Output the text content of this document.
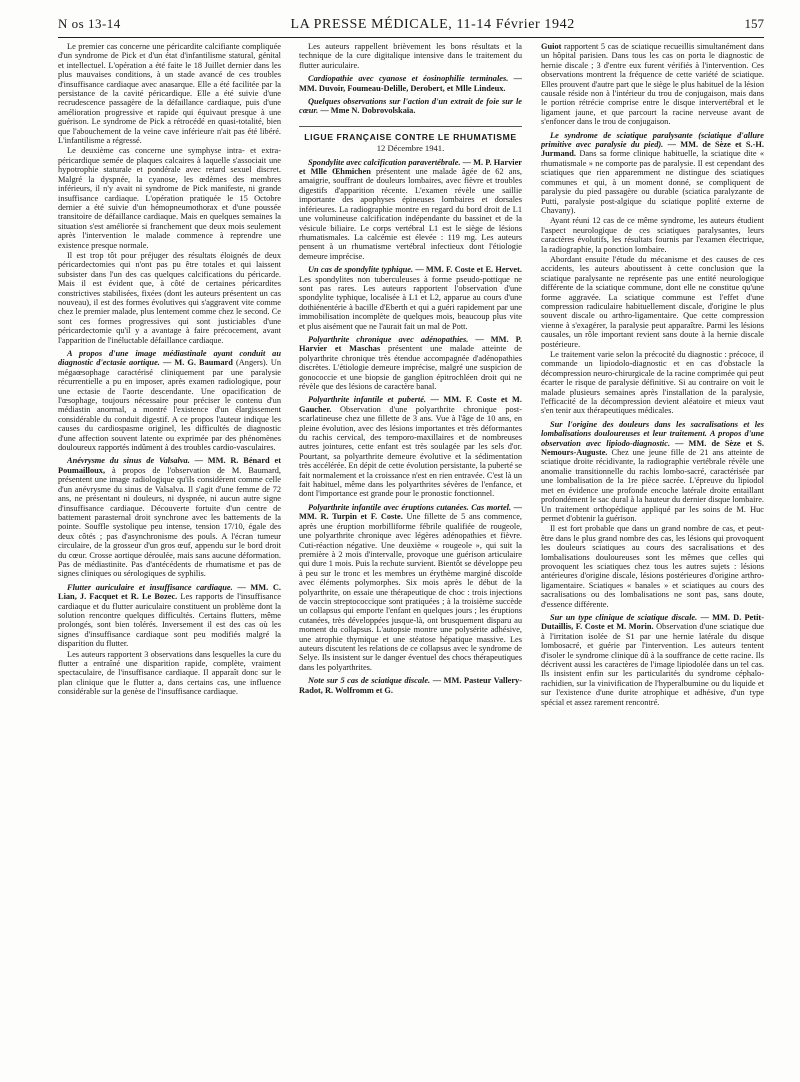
N os 13-14	LA PRESSE MÉDICALE, 11-14 Février 1942	157

Le premier cas concerne une péricardite calcifiante compliquée d'un syndrome de Pick et d'un état d'infantilisme statural, génital et intellectuel. L'opération a été faite le 18 Juillet dernier dans les plus mauvaises conditions, à un stade avancé de ces troubles d'insuffisance cardiaque avec anasarque. Elle a été facilitée par la persistance de la cavité péricardique. Elle a été suivie d'une recrudescence passagère de la défaillance cardiaque, puis d'une amélioration progressive et rapide qui équivaut presque à une guérison. Le syndrome de Pick a rétrocédé en quasi-totalité, bien que l'abouchement de la veine cave inférieure n'ait pas été libéré. L'infantilisme a régressé.

Le deuxième cas concerne une symphyse intra- et extra-péricardique semée de plaques calcaires à laquelle s'associait une hypotrophie staturale et pondérale avec retard sexuel discret. Malgré la dyspnée, la cyanose, les œdèmes des membres inférieurs, il n'y avait ni syndrome de Pick manifeste, ni grande insuffisance cardiaque. L'opération pratiquée le 15 Octobre dernier a été suivie d'un hémopneumothorax et d'une poussée transitoire de défaillance cardiaque. Mais en quelques semaines la situation s'est améliorée si franchement que deux mois seulement après l'intervention le malade commence à reprendre une existence presque normale.

Il est trop tôt pour préjuger des résultats éloignés de deux péricardectomies qui n'ont pas pu être totales et qui laissent subsister dans l'un des cas quelques calcifications du péricarde. Mais il est évident que, à côté de certaines péricardites constrictives stabilisées, fixées (dont les auteurs présentent un cas nouveau), il est des formes évolutives qui s'aggravent vite comme chez le premier malade, plus lentement comme chez le second. Ce sont ces formes progressives qui sont justiciables d'une péricardectomie qu'il y a avantage à faire précocement, avant l'apparition de l'inéluctable défaillance cardiaque.

A propos d'une image médiastinale ayant conduit au diagnostic d'ectasie aortique. — M. G. Baumard (Angers). Un mégaœsophage caractérisé cliniquement par une paralysie récurrentielle a pu en imposer, après examen radiologique, pour une ectasie de l'aorte descendante. Une opacification de l'œsophage, toujours nécessaire pour préciser le contenu d'un médiastin anormal, a montré l'existence d'un élargissement considérable du conduit digestif. A ce propos l'auteur indique les causes du cardiospasme originel, les difficultés de diagnostic d'une affection souvent latente ou exprimée par des phénomènes douloureux rapportés indûment à des troubles cardio-vasculaires.

Anévrysme du sinus de Valsalva. — MM. R. Bénard et Poumailloux, à propos de l'observation de M. Baumard, présentent une image radiologique qu'ils considèrent comme celle d'un anévrysme du sinus de Valsalva. Il s'agit d'une femme de 72 ans, ne présentant ni douleurs, ni dyspnée, ni aucun autre signe d'insuffisance cardiaque. Découverte fortuite d'un centre de battement parasternal droit synchrone avec les battements de la pointe. Souffle systolique peu intense, tension 17/10, égale des deux côtés ; pas d'asynchronisme des pouls. A l'écran tumeur circulaire, de la grosseur d'un gros œuf, appendu sur le bord droit du cœur. Crosse aortique déroulée, mais sans aucune déformation. Pas de médiastinite. Pas d'antécédents de rhumatisme et pas de signes cliniques ou sérologiques de syphilis.

Flutter auriculaire et insuffisance cardiaque. — MM. C. Lian, J. Facquet et R. Le Bozec. Les rapports de l'insuffisance cardiaque et du flutter auriculaire constituent un problème dont la solution rencontre quelques difficultés. Certains flutters, même prolongés, sont bien tolérés. Inversement il est des cas où les signes d'insuffisance cardiaque sont peu modifiés malgré la disparition du flutter.

Les auteurs rapportent 3 observations dans lesquelles la cure du flutter a entraîné une disparition rapide, complète, vraiment spectaculaire, de l'insuffisance cardiaque. Il apparaît donc sur le plan clinique que le flutter a, dans certains cas, une influence considérable sur la genèse de l'insuffisance cardiaque.

Les auteurs rappellent brièvement les bons résultats et la technique de la cure digitalique intensive dans le traitement du flutter auriculaire.

Cardiopathie avec cyanose et éosinophilie terminales. — MM. Duvoir, Foumeau-Delille, Derobert, et Mlle Lindeux.

Quelques observations sur l'action d'un extrait de foie sur le cœur. — Mme N. Dobrovolskaïa.

LIGUE FRANÇAISE CONTRE LE RHUMATISME
12 Décembre 1941.

Spondylite avec calcification paravertébrale. — M. P. Harvier et Mlle Œhmichen présentent une malade âgée de 62 ans, amaigrie, souffrant de douleurs lombaires, avec fièvre et troubles digestifs d'apparition récente. L'examen révèle une saillie importante des apophyses épineuses lombaires et dorsales inférieures. La radiographie montre en regard du bord droit de L1 une volumineuse calcification indépendante du bassinet et de la vésicule biliaire. Le corps vertébral L1 est le siège de lésions rhumatismales. La calcémie est élevée : 119 mg. Les auteurs pensent à un rhumatisme vertébral infectieux dont l'étiologie demeure imprécise.

Un cas de spondylite typhique. — MM. F. Coste et E. Hervet. Les spondylites non tuberculeuses à forme pseudo-pottique ne sont pas rares. Les auteurs rapportent l'observation d'une spondylite typhique, localisée à L1 et L2, apparue au cours d'une dothiénentérie à bacille d'Eberth et qui a guéri rapidement par une immobilisation incomplète de quelques mois, beaucoup plus vite et plus aisément que ne l'aurait fait un mal de Pott.

Polyarthrite chronique avec adénopathies. — MM. P. Harvier et Maschas présentent une malade atteinte de polyarthrite chronique très étendue accompagnée d'adénopathies discrètes. L'étiologie demeure imprécise, malgré une suspicion de gonococcie et une biopsie de ganglion épitrochléen droit qui ne révèle que des lésions de caractère banal.

Polyarthrite infantile et puberté. — MM. F. Coste et M. Gaucher. Observation d'une polyarthrite chronique post-scarlatineuse chez une fillette de 3 ans. Vue à l'âge de 10 ans, en pleine évolution, avec des lésions importantes et très déformantes du rachis cervical, des temporo-maxillaires et de nombreuses autres jointures, cette enfant est très soulagée par les sels d'or. Pourtant, sa polyarthrite demeure évolutive et la sédimentation très accélérée. En dépit de cette évolution persistante, la puberté se fait normalement et la croissance n'est en rien entravée. C'est là un fait habituel, même dans les polyarthrites sévères de l'enfance, et dont l'importance est grande pour le pronostic fonctionnel.

Polyarthrite infantile avec éruptions cutanées. Cas mortel. — MM. R. Turpin et F. Coste. Une fillette de 5 ans commence, après une éruption morbilliforme fébrile qualifiée de rougeole, une polyarthrite chronique avec légères adénopathies et fièvre. Cuti-réaction négative. Une deuxième « rougeole », qui suit la première à 2 mois d'intervalle, provoque une guérison articulaire qui dure 1 mois. Puis la rechute survient. Bientôt se développe peu à peu sur le tronc et les membres un érythème marginé discoïde avec éléments polymorphes. Six mois après le début de la polyarthrite, on essaie une thérapeutique de choc : trois injections de vaccin streptococcique sont pratiquées ; à la troisième succède un collapsus qui emporte l'enfant en quelques jours ; les éruptions cutanées, très développées jusque-là, ont brusquement disparu au moment du collapsus. L'autopsie montre une polysérite adhésive, une atrophie thymique et une stéatose hépatique massive. Les auteurs discutent les relations de ce collapsus avec le syndrome de Selye. Ils insistent sur le danger éventuel des chocs thérapeutiques dans les polyarthrites.

Note sur 5 cas de sciatique discale. — MM. Pasteur Vallery-Radot, R. Wolfromm et G.

Guiot rapportent 5 cas de sciatique recueillis simultanément dans un hôpital parisien. Dans tous les cas on porta le diagnostic de hernie discale ; 3 d'entre eux furent vérifiés à l'intervention. Ces observations montrent la fréquence de cette variété de sciatique. Elles prouvent d'autre part que le siège le plus habituel de la lésion causale réside non à l'intérieur du trou de conjugaison, mais dans le portion rétrécie comprise entre le disque intervertébral et le ligament jaune, et que parcourt la racine nerveuse avant de s'enfoncer dans le trou de conjugaison.

Le syndrome de sciatique paralysante (sciatique d'allure primitive avec paralysie du pied). — MM. de Sèze et S.-H. Jurmand. Dans sa forme clinique habituelle, la sciatique dite « rhumatismale » ne comporte pas de paralysie. Il est cependant des sciatiques que rien apparemment ne distingue des sciatiques communes et qui, à un moment donné, se compliquent de paralysie du pied passagère ou durable (sciatica paralyzante de Putti, paralysie post-algique du sciatique poplité externe de Chavany).

Ayant réuni 12 cas de ce même syndrome, les auteurs étudient l'aspect neurologique de ces sciatiques paralysantes, leurs caractères évolutifs, les résultats fournis par l'examen électrique, la radiographie, la ponction lombaire.

Abordant ensuite l'étude du mécanisme et des causes de ces accidents, les auteurs aboutissent à cette conclusion que la sciatique paralysante ne représente pas une entité neurologique différente de la sciatique commune, dont elle ne constitue qu'une forme aggravée. La sciatique commune est l'effet d'une compression radiculaire habituellement discale, d'origine le plus souvent discale ou arthro-ligamentaire. Que cette compression vienne à s'exagérer, la paralysie peut apparaître. Parmi les lésions causales, un rôle important revient sans doute à la hernie discale postérieure.

Le traitement varie selon la précocité du diagnostic : précoce, il commande un lipiodolo-diagnostic et en cas d'obstacle la décompression neuro-chirurgicale de la racine comprimée qui peut écarter le risque de paralysie définitive. Si au contraire on voit le malade plusieurs semaines après l'installation de la paralysie, l'efficacité de la décompression devient aléatoire et mieux vaut s'en tenir aux thérapeutiques médicales.

Sur l'origine des douleurs dans les sacralisations et les lombalisations douloureuses et leur traitement. A propos d'une observation avec lipiodo-diagnostic. — MM. de Sèze et S. Nemours-Auguste. Chez une jeune fille de 21 ans atteinte de sciatique droite récidivante, la radiographie vertébrale révèle une anomalie transitionnelle du rachis lombo-sacré, caractérisée par une lombalisation de la 1re pièce sacrée. L'épreuve du lipiodol met en évidence une profonde encoche latérale droite entaillant profondément le sac dural à la hauteur du dernier disque lombaire. Un traitement orthopédique appliqué par les soins de M. Huc permet d'obtenir la guérison.

Il est fort probable que dans un grand nombre de cas, et peut-être dans le plus grand nombre des cas, les lésions qui provoquent les douleurs sciatiques au cours des sacralisations et des lombalisations douloureuses sont les mêmes que celles qui provoquent les sciatiques chez tous les autres sujets : lésions antérieures d'origine discale, lésions postérieures d'origine arthro-ligamentaire. Sciatiques « banales » et sciatiques au cours des sacralisations ou des lombalisations ne sont pas, sans doute, d'essence différente.

Sur un type clinique de sciatique discale. — MM. D. Petit-Dutaillis, F. Coste et M. Morin. Observation d'une sciatique due à l'irritation isolée de S1 par une hernie latérale du disque lombosacré, et guérie par l'intervention. Les auteurs tentent d'isoler le syndrome clinique dû à la souffrance de cette racine. Ils décrivent aussi les caractères de l'image lipiodolée dans un tel cas. Ils insistent enfin sur les particularités du syndrome céphalo-rachidien, sur la vinivification de l'hyperalbumine ou du liquide et sur l'existence d'une durite atrophique et adhésive, d'un type spécial et assez rarement rencontré.
